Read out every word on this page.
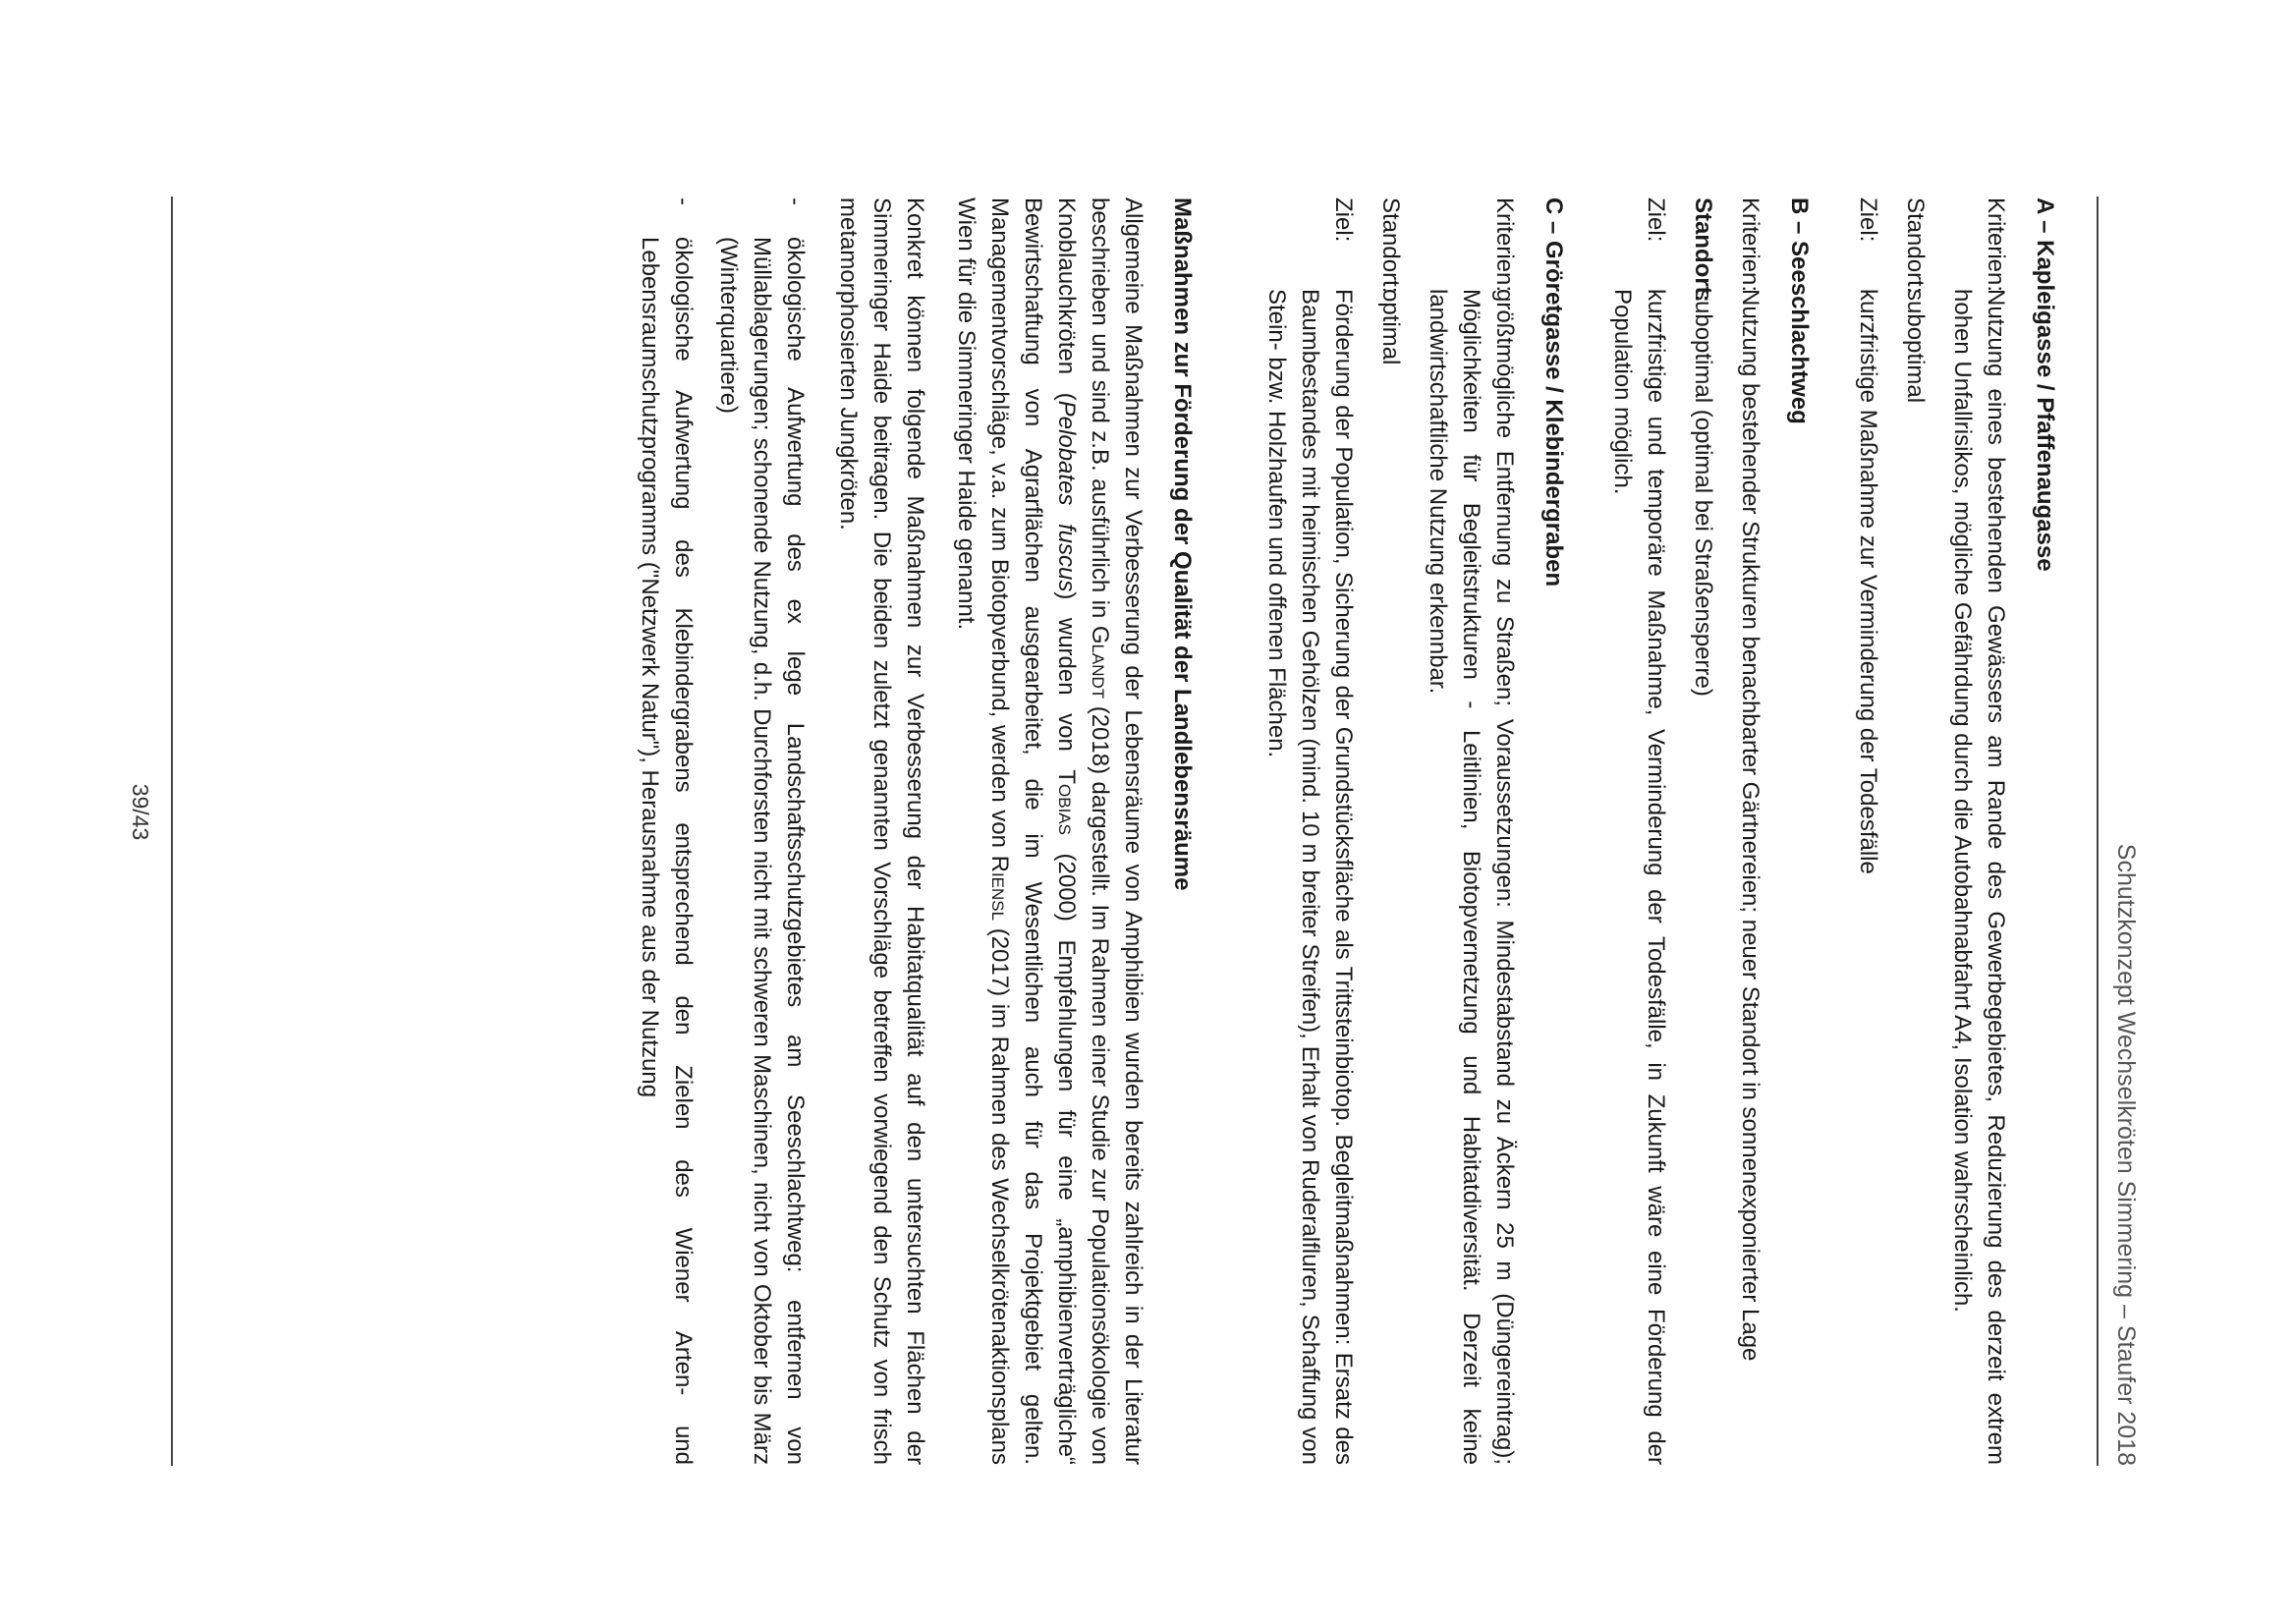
Schutzkonzept Wechselkröten Simmering – Staufer 2018

A – Kapleigasse / Pfaffenaugasse

Kriterien:
Nutzung eines bestehenden Gewässers am Rande des Gewerbegebietes, Reduzierung des derzeit extrem hohen Unfallrisikos, mögliche Gefährdung durch die Autobahnabfahrt A4, Isolation wahrscheinlich.
Standort:
suboptimal
Ziel:
kurzfristige Maßnahme zur Verminderung der Todesfälle

B – Seeschlachtweg

Kriterien:
Nutzung bestehender Strukturen benachbarter Gärtnereien; neuer Standort in sonnenexponierter Lage
Standort:
suboptimal (optimal bei Straßensperre)
Ziel:
kurzfristige und temporäre Maßnahme, Verminderung der Todesfälle, in Zukunft wäre eine Förderung der Population möglich.

C – Gröretgasse / Klebindergraben

Kriterien:
größtmögliche Entfernung zu Straßen; Voraussetzungen: Mindestabstand zu Äckern 25 m (Düngereintrag); Möglichkeiten für Begleitstrukturen - Leitlinien, Biotopvernetzung und Habitatdiversität. Derzeit keine landwirtschaftliche Nutzung erkennbar.
Standort:
optimal
Ziel:
Förderung der Population, Sicherung der Grundstücksfläche als Trittsteinbiotop. Begleitmaßnahmen: Ersatz des Baumbestandes mit heimischen Gehölzen (mind. 10 m breiter Streifen), Erhalt von Ruderalfluren, Schaffung von Stein- bzw. Holzhaufen und offenen Flächen.

Maßnahmen zur Förderung der Qualität der Landlebensräume

Allgemeine Maßnahmen zur Verbesserung der Lebensräume von Amphibien wurden bereits zahlreich in der Literatur beschrieben und sind z.B. ausführlich in Glandt (2018) dargestellt. Im Rahmen einer Studie zur Populationsökologie von Knoblauchkröten (Pelobates fuscus) wurden von Tobias (2000) Empfehlungen für eine „amphibienverträgliche“ Bewirtschaftung von Agrarflächen ausgearbeitet, die im Wesentlichen auch für das Projektgebiet gelten. Managementvorschläge, v.a. zum Biotopverbund, werden von Riensl (2017) im Rahmen des Wechselkrötenaktionsplans Wien für die Simmeringer Haide genannt.

Konkret können folgende Maßnahmen zur Verbesserung der Habitatqualität auf den untersuchten Flächen der Simmeringer Haide beitragen. Die beiden zuletzt genannten Vorschläge betreffen vorwiegend den Schutz von frisch metamorphosierten Jungkröten.

-
ökologische Aufwertung des ex lege Landschaftsschutzgebietes am Seeschlachtweg: entfernen von Müllablagerungen; schonende Nutzung, d.h. Durchforsten nicht mit schweren Maschinen, nicht von Oktober bis März (Winterquartiere)
-
ökologische Aufwertung des Klebindergrabens entsprechend den Zielen des Wiener Arten- und Lebensraumschutzprogramms ("Netzwerk Natur"), Herausnahme aus der Nutzung
39/43
